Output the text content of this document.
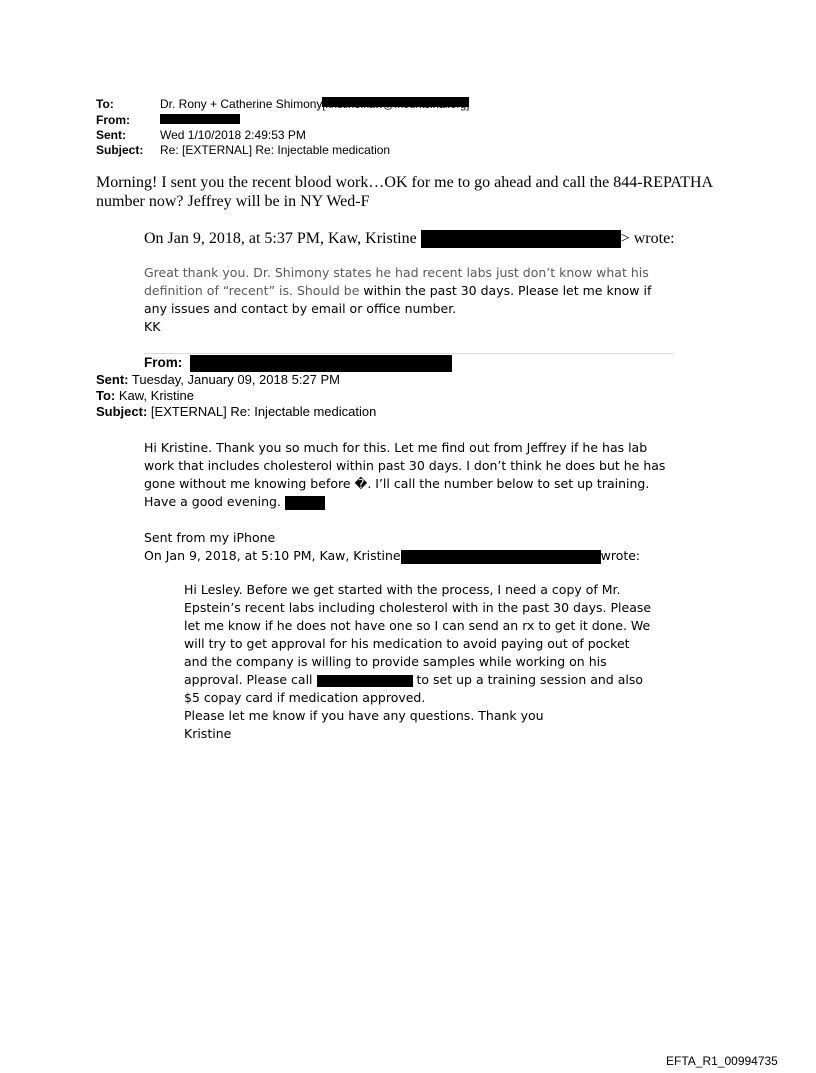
To:	Dr. Rony + Catherine Shimony
From:
Sent:	Wed 1/10/2018 2:49:53 PM
Subject:	Re: [EXTERNAL] Re: Injectable medication
Morning! I sent you the recent blood work…OK for me to go ahead and call the 844-REPATHA number now? Jeffrey will be in NY Wed-F
On Jan 9, 2018, at 5:37 PM, Kaw, Kristine	> wrote:
Great thank you. Dr. Shimony states he had recent labs just don’t know what his definition of “recent” is. Should be within the past 30 days. Please let me know if any issues and contact by email or office number.
KK
From:
Sent: Tuesday, January 09, 2018 5:27 PM
To: Kaw, Kristine
Subject: [EXTERNAL] Re: Injectable medication
Hi Kristine. Thank you so much for this. Let me find out from Jeffrey if he has lab work that includes cholesterol within past 30 days. I don’t think he does but he has gone without me knowing before �. I’ll call the number below to set up training. Have a good evening.
Sent from my iPhone
On Jan 9, 2018, at 5:10 PM, Kaw, Kristine	wrote:
Hi Lesley. Before we get started with the process, I need a copy of Mr. Epstein’s recent labs including cholesterol with in the past 30 days. Please let me know if he does not have one so I can send an rx to get it done. We will try to get approval for his medication to avoid paying out of pocket and the company is willing to provide samples while working on his approval. Please call	to set up a training session and also $5 copay card if medication approved.
Please let me know if you have any questions. Thank you
Kristine
EFTA_R1_00994735
